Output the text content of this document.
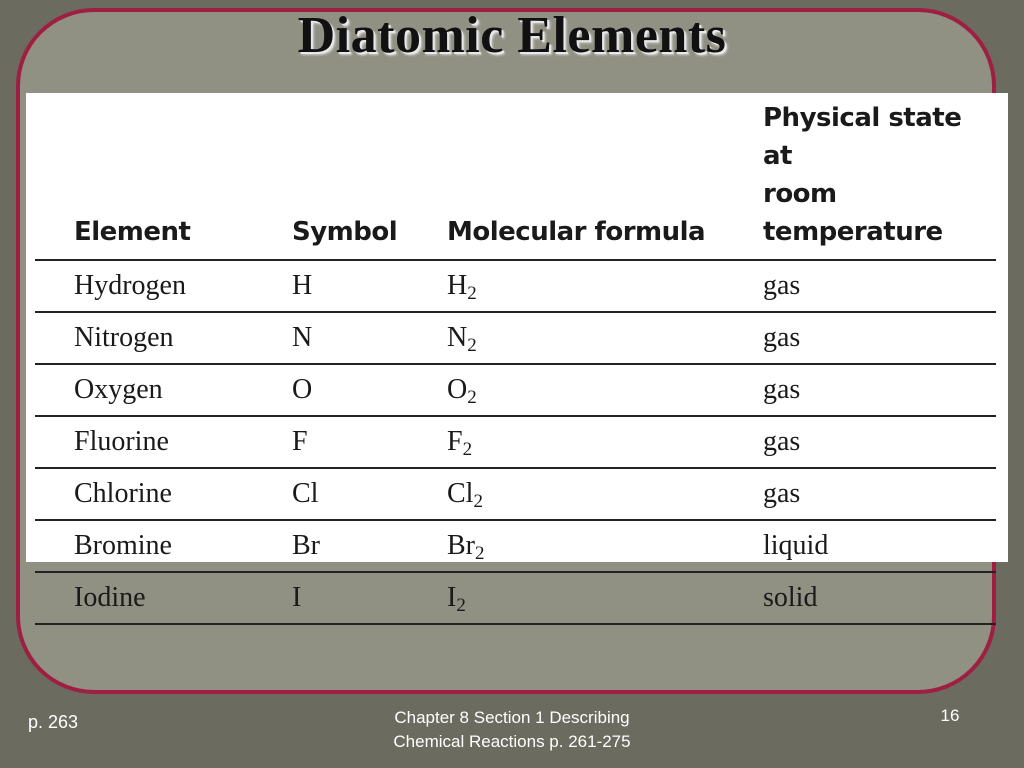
Diatomic Elements
Element	Symbol	Molecular formula	Physical state at
room temperature
Hydrogen	H	$H_2$	gas
Nitrogen	N	$N_2$	gas
Oxygen	O	$O_2$	gas
Fluorine	F	$F_2$	gas
Chlorine	Cl	$Cl_2$	gas
Bromine	Br	$Br_2$	liquid
Iodine	I	$I_2$	solid
p. 263	Chapter 8 Section 1 Describing
Chemical Reactions p. 261-275
16
